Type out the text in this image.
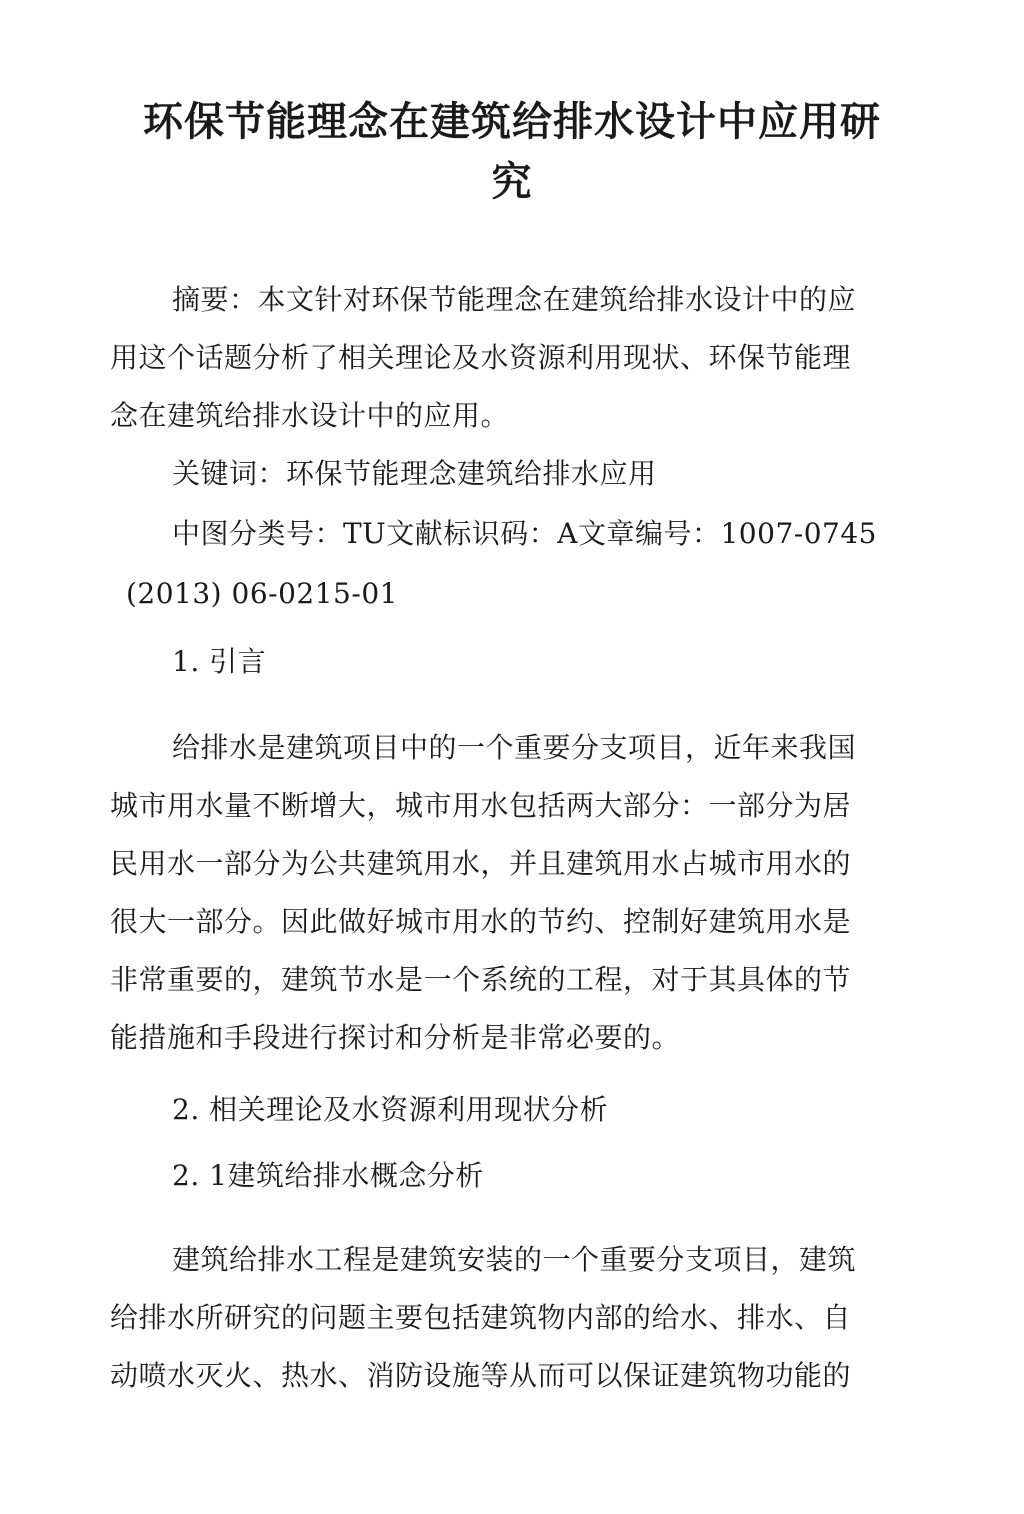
环保节能理念在建筑给排水设计中应用研
究
摘要：本文针对环保节能理念在建筑给排水设计中的应
用这个话题分析了相关理论及水资源利用现状、环保节能理
念在建筑给排水设计中的应用。
关键词：环保节能理念建筑给排水应用
中图分类号：TU文献标识码：A文章编号：1007-0745
(2013) 06-0215-01
1. 引言
给排水是建筑项目中的一个重要分支项目，近年来我国
城市用水量不断增大，城市用水包括两大部分：一部分为居
民用水一部分为公共建筑用水，并且建筑用水占城市用水的
很大一部分。因此做好城市用水的节约、控制好建筑用水是
非常重要的，建筑节水是一个系统的工程，对于其具体的节
能措施和手段进行探讨和分析是非常必要的。
2. 相关理论及水资源利用现状分析
2. 1建筑给排水概念分析
建筑给排水工程是建筑安装的一个重要分支项目，建筑
给排水所研究的问题主要包括建筑物内部的给水、排水、自
动喷水灭火、热水、消防设施等从而可以保证建筑物功能的
